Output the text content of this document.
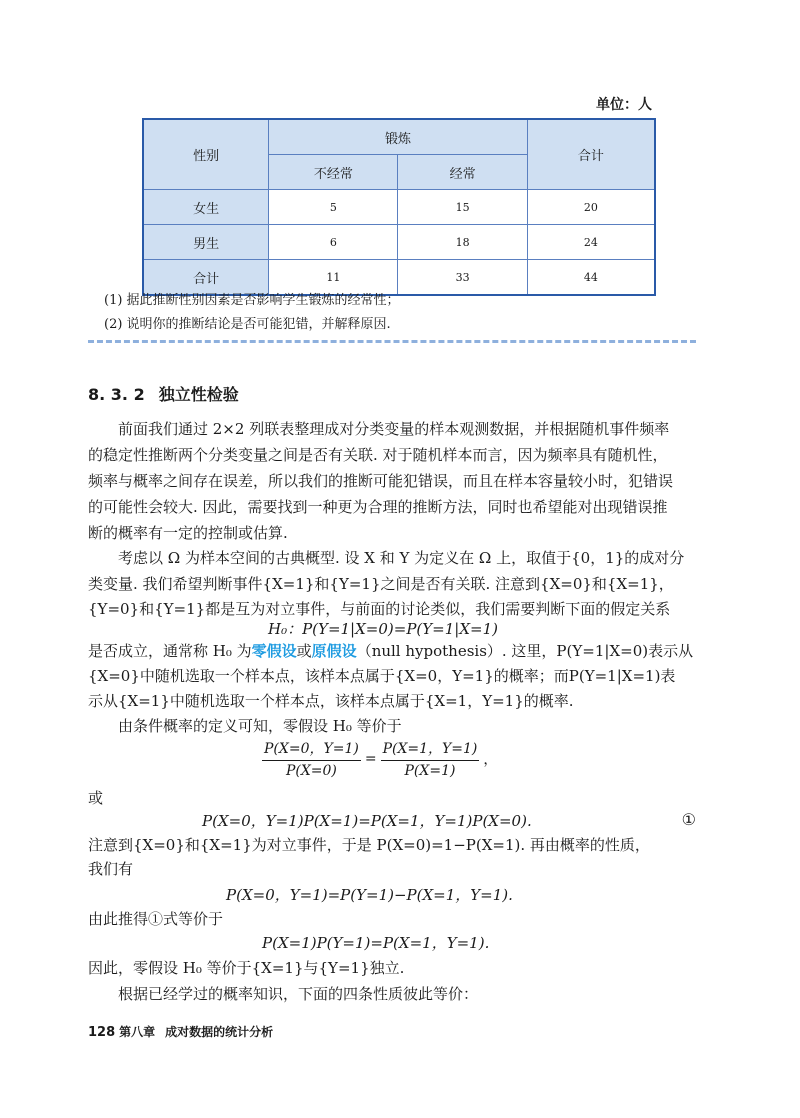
单位：人
性别	锻炼		合计
	不经常	经常	
女生	5	15	20
男生	6	18	24
合计	11	33	44
(1) 据此推断性别因素是否影响学生锻炼的经常性；
(2) 说明你的推断结论是否可能犯错，并解释原因.
8. 3. 2 独立性检验
前面我们通过 2×2 列联表整理成对分类变量的样本观测数据，并根据随机事件频率
的稳定性推断两个分类变量之间是否有关联. 对于随机样本而言，因为频率具有随机性，
频率与概率之间存在误差，所以我们的推断可能犯错误，而且在样本容量较小时，犯错误
的可能性会较大. 因此，需要找到一种更为合理的推断方法，同时也希望能对出现错误推
断的概率有一定的控制或估算.
考虑以 Ω 为样本空间的古典概型. 设 X 和 Y 为定义在 Ω 上，取值于{0，1}的成对分
类变量. 我们希望判断事件{X=1}和{Y=1}之间是否有关联. 注意到{X=0}和{X=1}，
{Y=0}和{Y=1}都是互为对立事件，与前面的讨论类似，我们需要判断下面的假定关系
H₀：P(Y=1|X=0)=P(Y=1|X=1)
是否成立，通常称 H₀ 为零假设或原假设（null hypothesis）. 这里，P(Y=1|X=0)表示从
{X=0}中随机选取一个样本点，该样本点属于{X=0，Y=1}的概率；而P(Y=1|X=1)表
示从{X=1}中随机选取一个样本点，该样本点属于{X=1，Y=1}的概率.
由条件概率的定义可知，零假设 H₀ 等价于
$\frac{P(X=0,Y=1)}{P(X=0)} = \frac{P(X=1,Y=1)}{P(X=1)}$ ，
或
P(X=0，Y=1)P(X=1)=P(X=1，Y=1)P(X=0).	①
注意到{X=0}和{X=1}为对立事件，于是 P(X=0)=1−P(X=1). 再由概率的性质，
我们有
P(X=0，Y=1)=P(Y=1)−P(X=1，Y=1).
由此推得①式等价于
P(X=1)P(Y=1)=P(X=1，Y=1).
因此，零假设 H₀ 等价于{X=1}与{Y=1}独立.
根据已经学过的概率知识，下面的四条性质彼此等价：
128 第八章 成对数据的统计分析
